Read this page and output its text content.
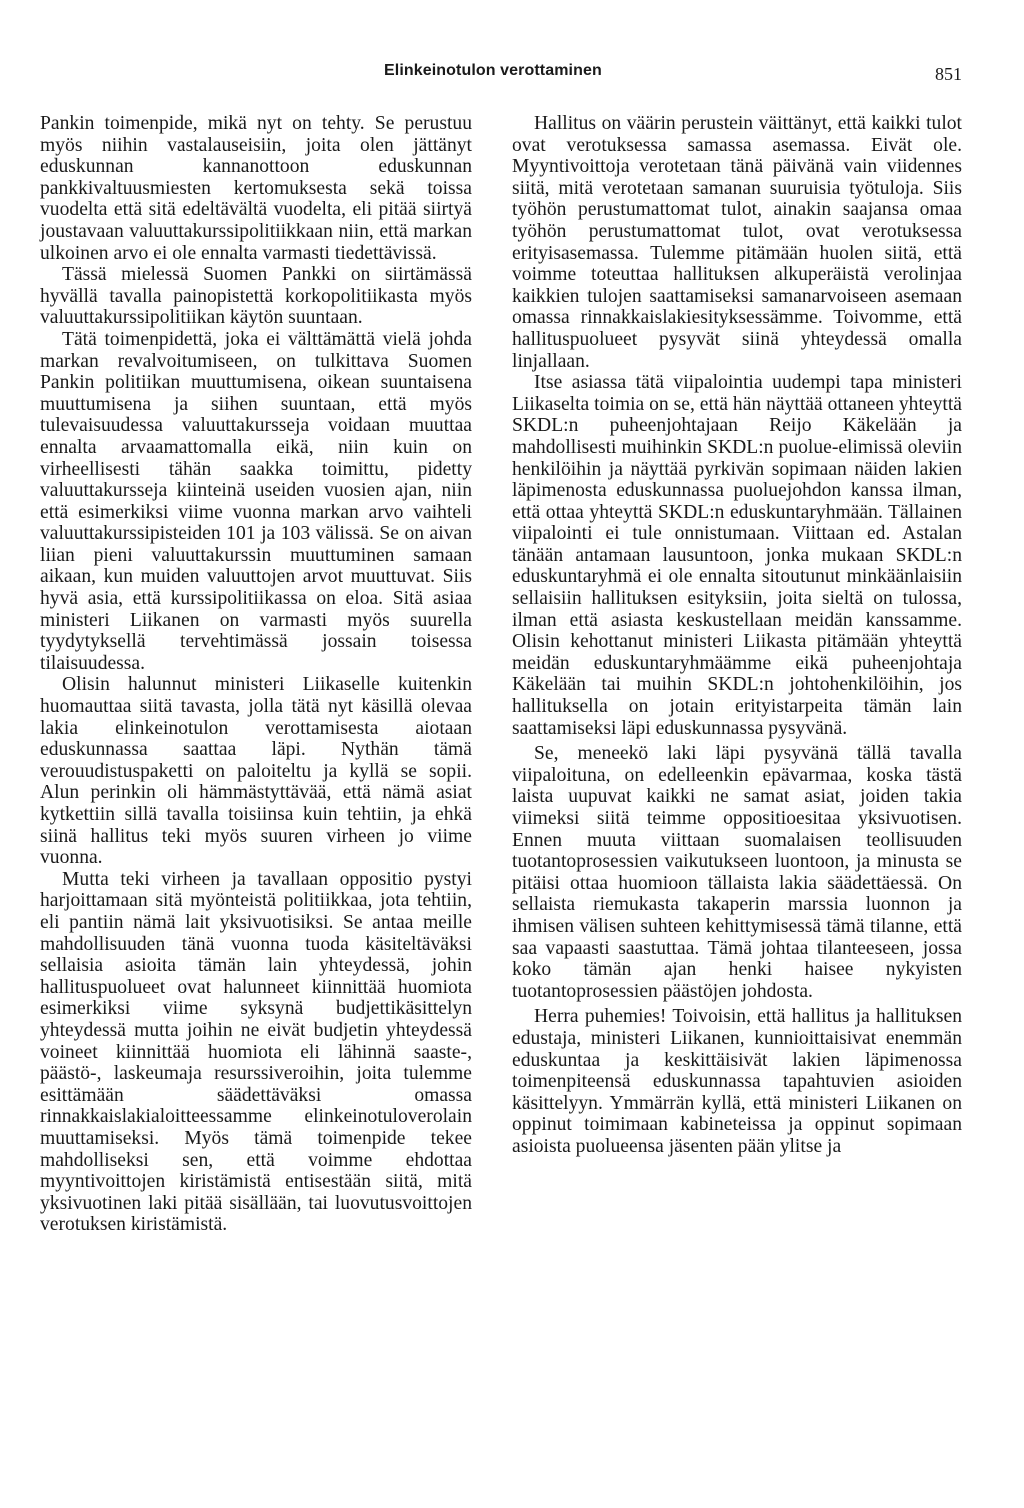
Elinkeinotulon verottaminen	851

Pankin toimenpide, mikä nyt on tehty. Se perustuu myös niihin vastalauseisiin, joita olen jättänyt eduskunnan kannanottoon eduskunnan pankkivaltuusmiesten kertomuksesta sekä toissa vuodelta että sitä edeltävältä vuodelta, eli pitää siirtyä joustavaan valuuttakurssipolitiikkaan niin, että markan ulkoinen arvo ei ole ennalta varmasti tiedettävissä.

Tässä mielessä Suomen Pankki on siirtämässä hyvällä tavalla painopistettä korkopolitiikasta myös valuuttakurssipolitiikan käytön suuntaan.

Tätä toimenpidettä, joka ei välttämättä vielä johda markan revalvoitumiseen, on tulkittava Suomen Pankin politiikan muuttumisena, oikean suuntaisena muuttumisena ja siihen suuntaan, että myös tulevaisuudessa valuuttakursseja voidaan muuttaa ennalta arvaamattomalla eikä, niin kuin on virheellisesti tähän saakka toimittu, pidetty valuuttakursseja kiinteinä useiden vuosien ajan, niin että esimerkiksi viime vuonna markan arvo vaihteli valuuttakurssipisteiden 101 ja 103 välissä. Se on aivan liian pieni valuuttakurssin muuttuminen samaan aikaan, kun muiden valuuttojen arvot muuttuvat. Siis hyvä asia, että kurssipolitiikassa on eloa. Sitä asiaa ministeri Liikanen on varmasti myös suurella tyydytyksellä tervehtimässä jossain toisessa tilaisuudessa.

Olisin halunnut ministeri Liikaselle kuitenkin huomauttaa siitä tavasta, jolla tätä nyt käsillä olevaa lakia elinkeinotulon verottamisesta aiotaan eduskunnassa saattaa läpi. Nythän tämä verouudistuspaketti on paloiteltu ja kyllä se sopii. Alun perinkin oli hämmästyttävää, että nämä asiat kytkettiin sillä tavalla toisiinsa kuin tehtiin, ja ehkä siinä hallitus teki myös suuren virheen jo viime vuonna.

Mutta teki virheen ja tavallaan oppositio pystyi harjoittamaan sitä myönteistä politiikkaa, jota tehtiin, eli pantiin nämä lait yksivuotisiksi. Se antaa meille mahdollisuuden tänä vuonna tuoda käsiteltäväksi sellaisia asioita tämän lain yhteydessä, johin hallituspuolueet ovat halunneet kiinnittää huomiota esimerkiksi viime syksynä budjettikäsittelyn yhteydessä mutta joihin ne eivät budjetin yhteydessä voineet kiinnittää huomiota eli lähinnä saaste-, päästö-, laskeumaja resurssiveroihin, joita tulemme esittämään säädettäväksi omassa rinnakkaislakialoitteessamme elinkeinotuloverolain muuttamiseksi. Myös tämä toimenpide tekee mahdolliseksi sen, että voimme ehdottaa myyntivoittojen kiristämistä entisestään siitä, mitä yksivuotinen laki pitää sisällään, tai luovutusvoittojen verotuksen kiristämistä.

Hallitus on väärin perustein väittänyt, että kaikki tulot ovat verotuksessa samassa asemassa. Eivät ole. Myyntivoittoja verotetaan tänä päivänä vain viidennes siitä, mitä verotetaan samanan suuruisia työtuloja. Siis työhön perustumattomat tulot, ainakin saajansa omaa työhön perustumattomat tulot, ovat verotuksessa erityisasemassa. Tulemme pitämään huolen siitä, että voimme toteuttaa hallituksen alkuperäistä verolinjaa kaikkien tulojen saattamiseksi samanarvoiseen asemaan omassa rinnakkaislakiesityksessämme. Toivomme, että hallituspuolueet pysyvät siinä yhteydessä omalla linjallaan.

Itse asiassa tätä viipalointia uudempi tapa ministeri Liikaselta toimia on se, että hän näyttää ottaneen yhteyttä SKDL:n puheenjohtajaan Reijo Käkelään ja mahdollisesti muihinkin SKDL:n puolue-elimissä oleviin henkilöihin ja näyttää pyrkivän sopimaan näiden lakien läpimenosta eduskunnassa puoluejohdon kanssa ilman, että ottaa yhteyttä SKDL:n eduskuntaryhmään. Tällainen viipalointi ei tule onnistumaan. Viittaan ed. Astalan tänään antamaan lausuntoon, jonka mukaan SKDL:n eduskuntaryhmä ei ole ennalta sitoutunut minkäänlaisiin sellaisiin hallituksen esityksiin, joita sieltä on tulossa, ilman että asiasta keskustellaan meidän kanssamme. Olisin kehottanut ministeri Liikasta pitämään yhteyttä meidän eduskuntaryhmäämme eikä puheenjohtaja Käkelään tai muihin SKDL:n johtohenkilöihin, jos hallituksella on jotain erityistarpeita tämän lain saattamiseksi läpi eduskunnassa pysyvänä.

Se, meneekö laki läpi pysyvänä tällä tavalla viipaloituna, on edelleenkin epävarmaa, koska tästä laista uupuvat kaikki ne samat asiat, joiden takia viimeksi siitä teimme oppositioesitaa yksivuotisen. Ennen muuta viittaan suomalaisen teollisuuden tuotantoprosessien vaikutukseen luontoon, ja minusta se pitäisi ottaa huomioon tällaista lakia säädettäessä. On sellaista riemukasta takaperin marssia luonnon ja ihmisen välisen suhteen kehittymisessä tämä tilanne, että saa vapaasti saastuttaa. Tämä johtaa tilanteeseen, jossa koko tämän ajan henki haisee nykyisten tuotantoprosessien päästöjen johdosta.

Herra puhemies! Toivoisin, että hallitus ja hallituksen edustaja, ministeri Liikanen, kunnioittaisivat enemmän eduskuntaa ja keskittäisivät lakien läpimenossa toimenpiteensä eduskunnassa tapahtuvien asioiden käsittelyyn. Ymmärrän kyllä, että ministeri Liikanen on oppinut toimimaan kabineteissa ja oppinut sopimaan asioista puolueensa jäsenten pään ylitse ja
